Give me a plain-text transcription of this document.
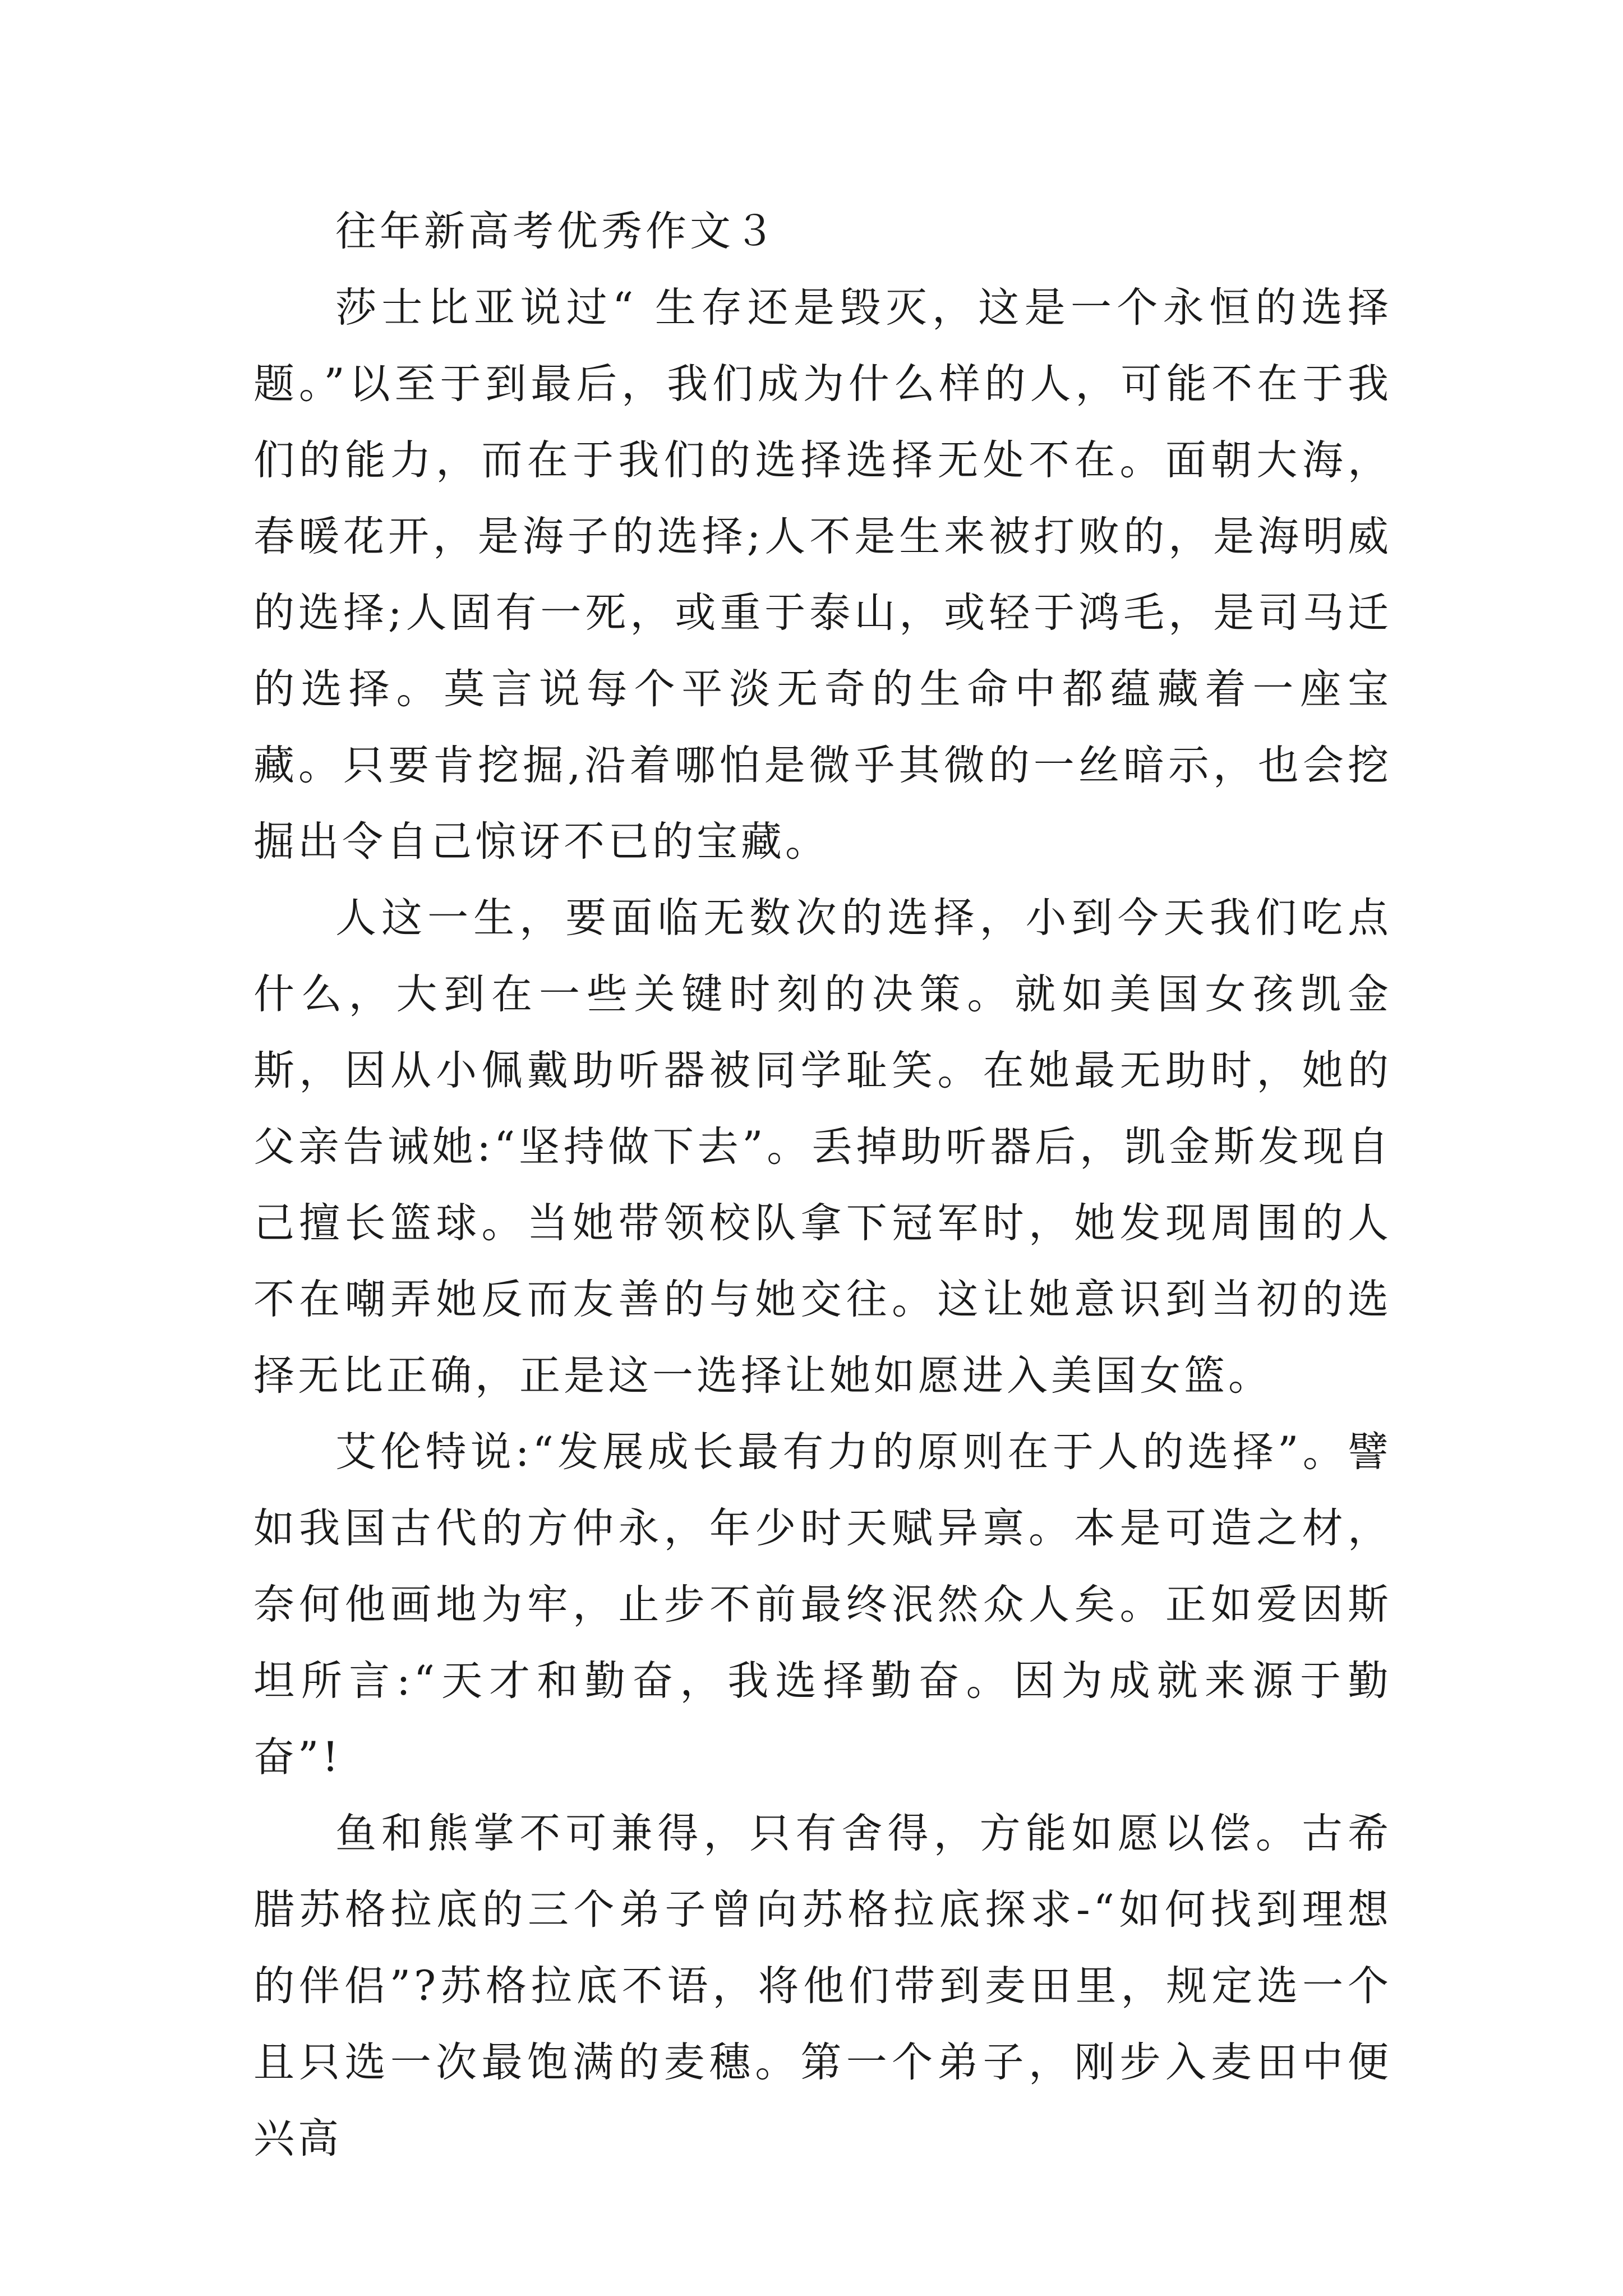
往年新高考优秀作文３

莎士比亚说过“ 生存还是毁灭，这是一个永恒的选择题。”以至于到最后，我们成为什么样的人，可能不在于我们的能力，而在于我们的选择选择无处不在。面朝大海，春暖花开，是海子的选择;人不是生来被打败的，是海明威的选择;人固有一死，或重于泰山，或轻于鸿毛，是司马迁的选择。莫言说每个平淡无奇的生命中都蕴藏着一座宝藏。只要肯挖掘,沿着哪怕是微乎其微的一丝暗示，也会挖掘出令自己惊讶不已的宝藏。

人这一生，要面临无数次的选择，小到今天我们吃点什么，大到在一些关键时刻的决策。就如美国女孩凯金斯，因从小佩戴助听器被同学耻笑。在她最无助时，她的父亲告诫她:“坚持做下去”。丢掉助听器后，凯金斯发现自己擅长篮球。当她带领校队拿下冠军时，她发现周围的人不在嘲弄她反而友善的与她交往。这让她意识到当初的选择无比正确，正是这一选择让她如愿进入美国女篮。

艾伦特说:“发展成长最有力的原则在于人的选择”。譬如我国古代的方仲永，年少时天赋异禀。本是可造之材，奈何他画地为牢，止步不前最终泯然众人矣。正如爱因斯坦所言:“天才和勤奋，我选择勤奋。因为成就来源于勤奋”!

鱼和熊掌不可兼得，只有舍得，方能如愿以偿。古希腊苏格拉底的三个弟子曾向苏格拉底探求-“如何找到理想的伴侣”?苏格拉底不语，将他们带到麦田里，规定选一个且只选一次最饱满的麦穗。第一个弟子，刚步入麦田中便兴高
